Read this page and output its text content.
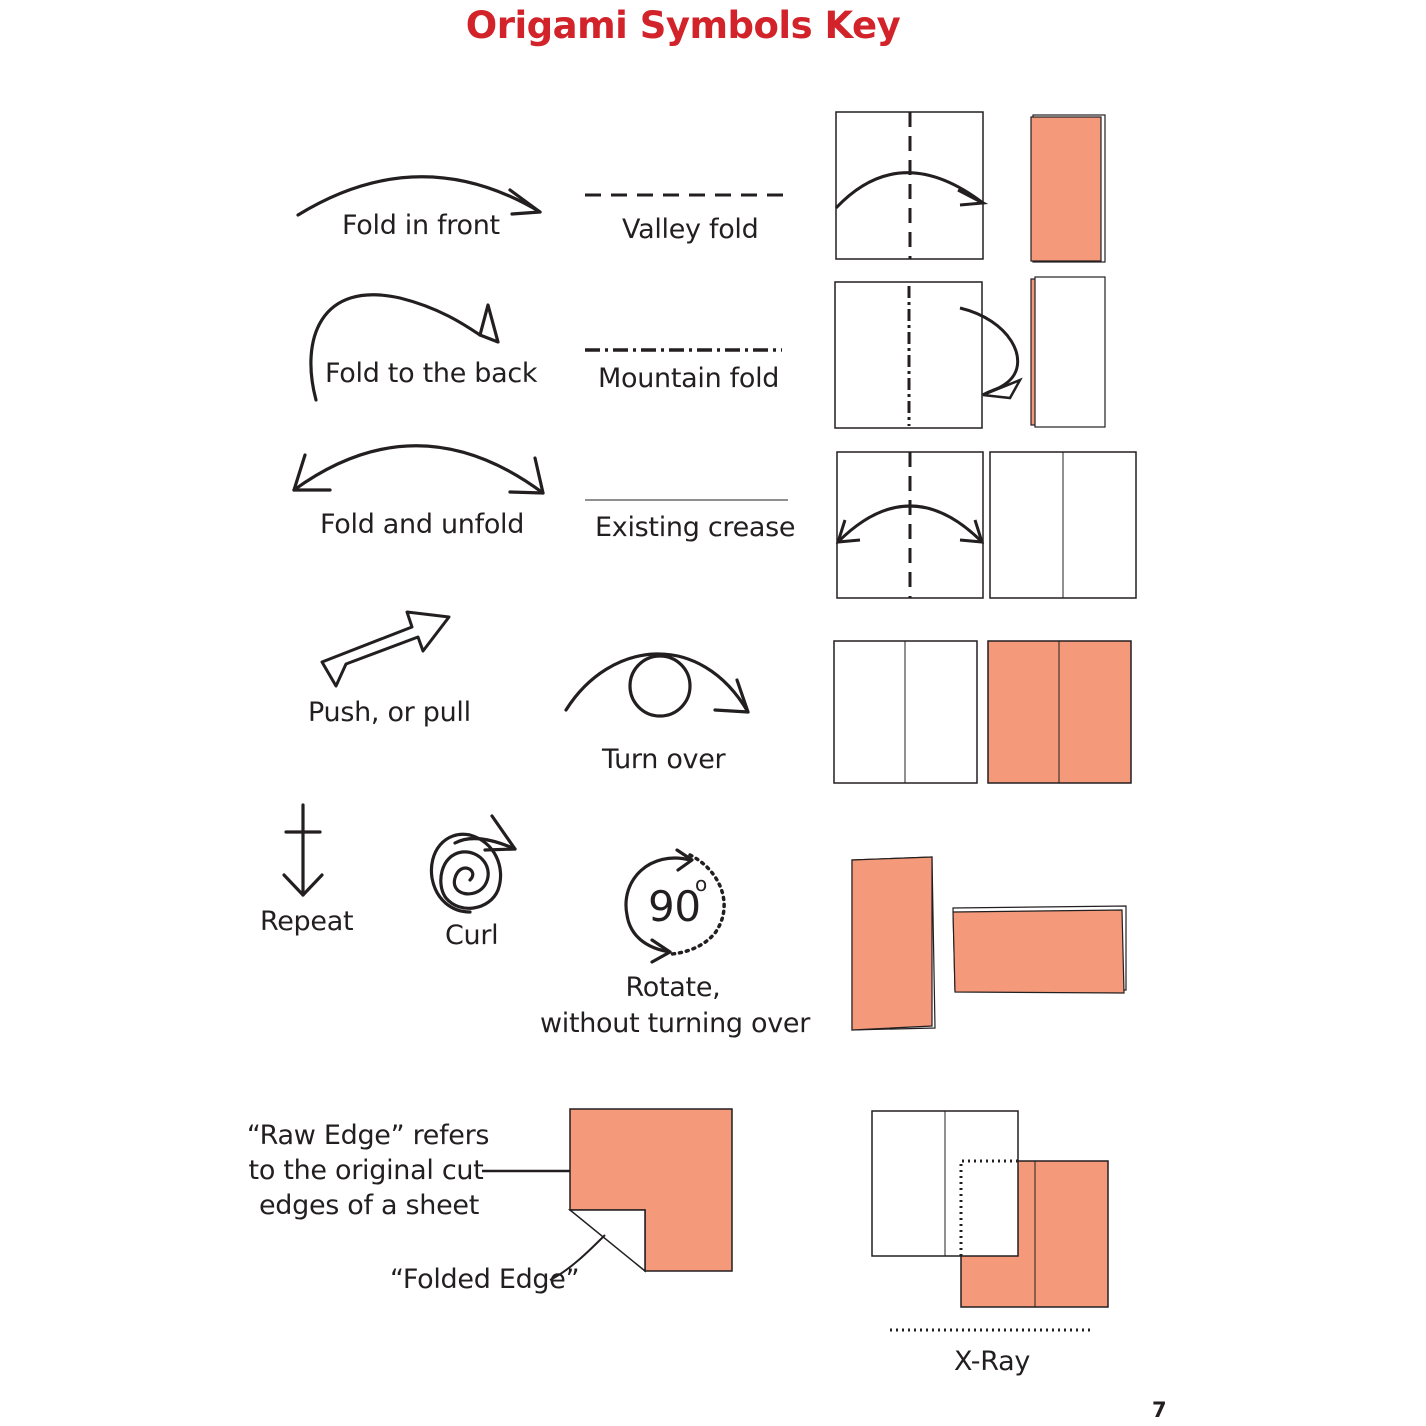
Origami Symbols Key
Fold in front
Fold to the back
Fold and unfold
Push, or pull
Repeat	Curl
90
o
Rotate,
without turning over
Valley fold
Mountain fold
Existing crease
Turn over
“Raw Edge” refers
to the original cut
edges of a sheet
“Folded Edge”
X-Ray
7
